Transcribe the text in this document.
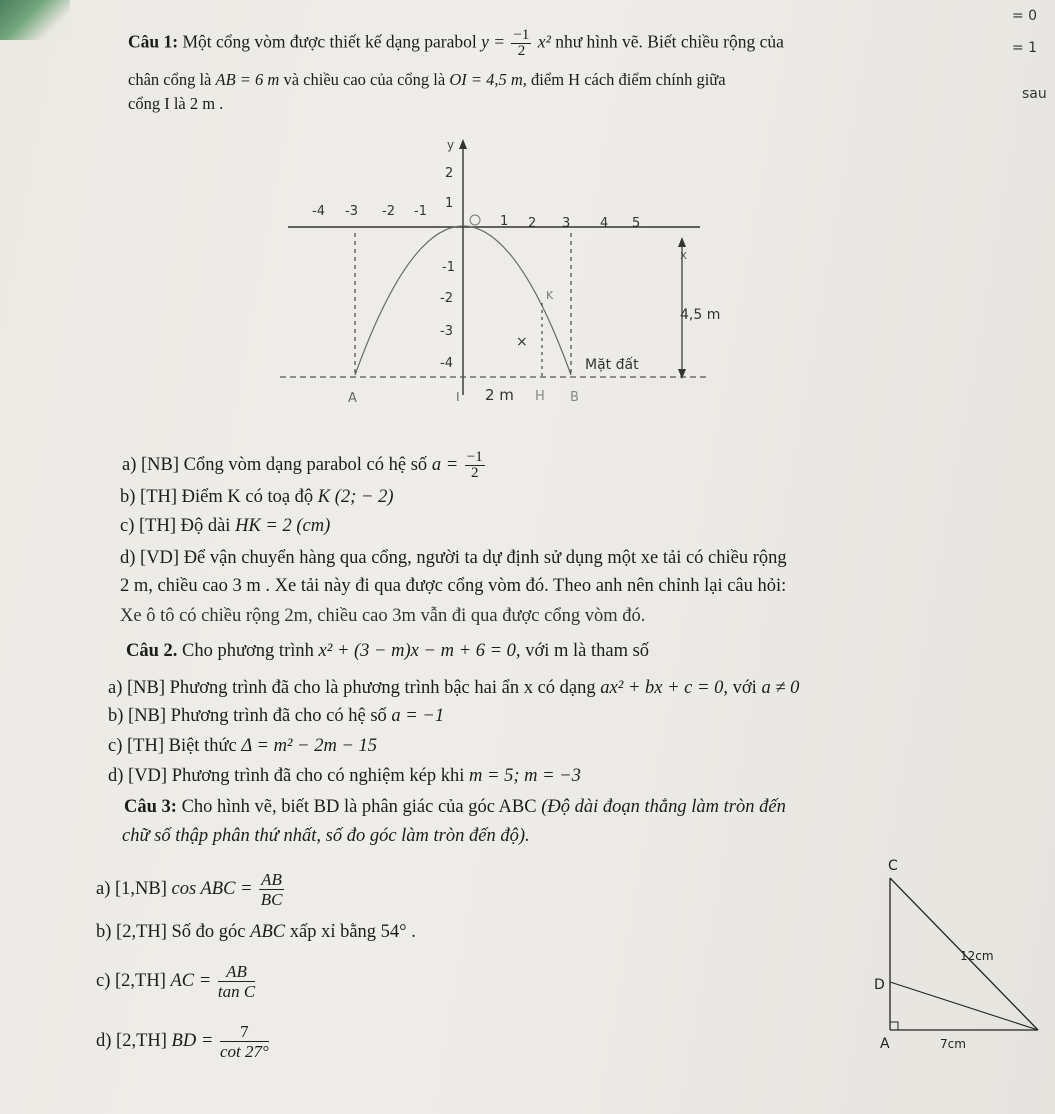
= 0
= 1
sau
Câu 1: Một cổng vòm được thiết kế dạng parabol $y = \frac{-1}{2} x^2$ như hình vẽ. Biết chiều rộng của
chân cổng là AB = 6 m và chiều cao của cổng là OI = 4,5 m, điểm H cách điểm chính giữa
cổng I là 2 m .
y
x
-4 -3 -2 -1
1 2 3 4 5
1
2
-1
-2
-3
-4
4,5 m
K
×
Mặt đất
A	I 2 m H B
a) [NB] Cổng vòm dạng parabol có hệ số $a = \frac{-1}{2}$
b) [TH] Điểm K có toạ độ K (2; − 2)
c) [TH] Độ dài HK = 2 (cm)
d) [VD] Để vận chuyển hàng qua cổng, người ta dự định sử dụng một xe tải có chiều rộng
2 m, chiều cao 3 m . Xe tải này đi qua được cổng vòm đó. Theo anh nên chỉnh lại câu hỏi:
Xe ô tô có chiều rộng 2m, chiều cao 3m vẫn đi qua được cổng vòm đó.
Câu 2. Cho phương trình x² + (3 − m)x − m + 6 = 0, với m là tham số
a) [NB] Phương trình đã cho là phương trình bậc hai ẩn x có dạng ax² + bx + c = 0, với a ≠ 0
b) [NB] Phương trình đã cho có hệ số a = −1
c) [TH] Biệt thức Δ = m² − 2m − 15
d) [VD] Phương trình đã cho có nghiệm kép khi m = 5; m = −3
Câu 3: Cho hình vẽ, biết BD là phân giác của góc ABC (Độ dài đoạn thẳng làm tròn đến
chữ số thập phân thứ nhất, số đo góc làm tròn đến độ).
a) [1,NB] cos ABC = $\frac{AB}{BC}$
b) [2,TH] Số đo góc ABC xấp xỉ bằng 54° .
c) [2,TH] AC = $\frac{AB}{\text{tan C}}$
d) [2,TH] BD = $\frac{7}{\cot 27^\circ}$
C
D
A
12cm
7cm
